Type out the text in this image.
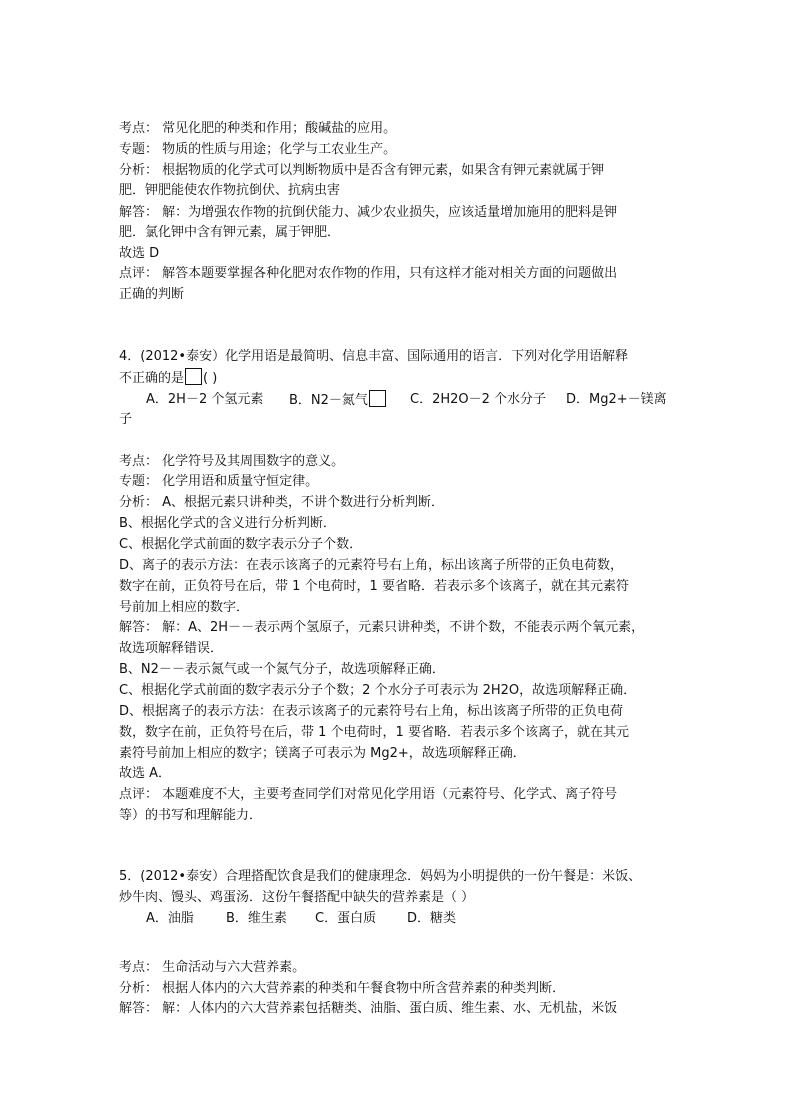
考点： 常见化肥的种类和作用；酸碱盐的应用。
专题： 物质的性质与用途；化学与工农业生产。
分析： 根据物质的化学式可以判断物质中是否含有钾元素，如果含有钾元素就属于钾
肥．钾肥能使农作物抗倒伏、抗病虫害
解答： 解：为增强农作物的抗倒伏能力、减少农业损失，应该适量增加施用的肥料是钾
肥．氯化钾中含有钾元素，属于钾肥．
故选 D
点评： 解答本题要掌握各种化肥对农作物的作用，只有这样才能对相关方面的问题做出
正确的判断
4．(2012•泰安）化学用语是最简明、信息丰富、国际通用的语言．下列对化学用语解释
不正确的是 ( )
A．2H－2 个氢元素 B．N2－氮气	C．2H2O－2 个水分子 D．Mg2+－镁离
子
考点： 化学符号及其周围数字的意义。
专题： 化学用语和质量守恒定律。
分析： A、根据元素只讲种类，不讲个数进行分析判断．
B、根据化学式的含义进行分析判断．
C、根据化学式前面的数字表示分子个数．
D、离子的表示方法：在表示该离子的元素符号右上角，标出该离子所带的正负电荷数，
数字在前，正负符号在后，带 1 个电荷时，1 要省略．若表示多个该离子，就在其元素符
号前加上相应的数字．
解答： 解：A、2H－－表示两个氢原子，元素只讲种类，不讲个数，不能表示两个氧元素，
故选项解释错误．
B、N2－－表示氮气或一个氮气分子，故选项解释正确．
C、根据化学式前面的数字表示分子个数；2 个水分子可表示为 2H2O，故选项解释正确．
D、根据离子的表示方法：在表示该离子的元素符号右上角，标出该离子所带的正负电荷
数，数字在前，正负符号在后，带 1 个电荷时，1 要省略．若表示多个该离子，就在其元
素符号前加上相应的数字；镁离子可表示为 Mg2+，故选项解释正确．
故选 A．
点评： 本题难度不大，主要考查同学们对常见化学用语（元素符号、化学式、离子符号
等）的书写和理解能力．
5．(2012•泰安）合理搭配饮食是我们的健康理念．妈妈为小明提供的一份午餐是：米饭、
炒牛肉、馒头、鸡蛋汤．这份午餐搭配中缺失的营养素是（ ）
A．油脂 B．维生素 C．蛋白质 D．糖类
考点： 生命活动与六大营养素。
分析： 根据人体内的六大营养素的种类和午餐食物中所含营养素的种类判断．
解答： 解：人体内的六大营养素包括糖类、油脂、蛋白质、维生素、水、无机盐，米饭
